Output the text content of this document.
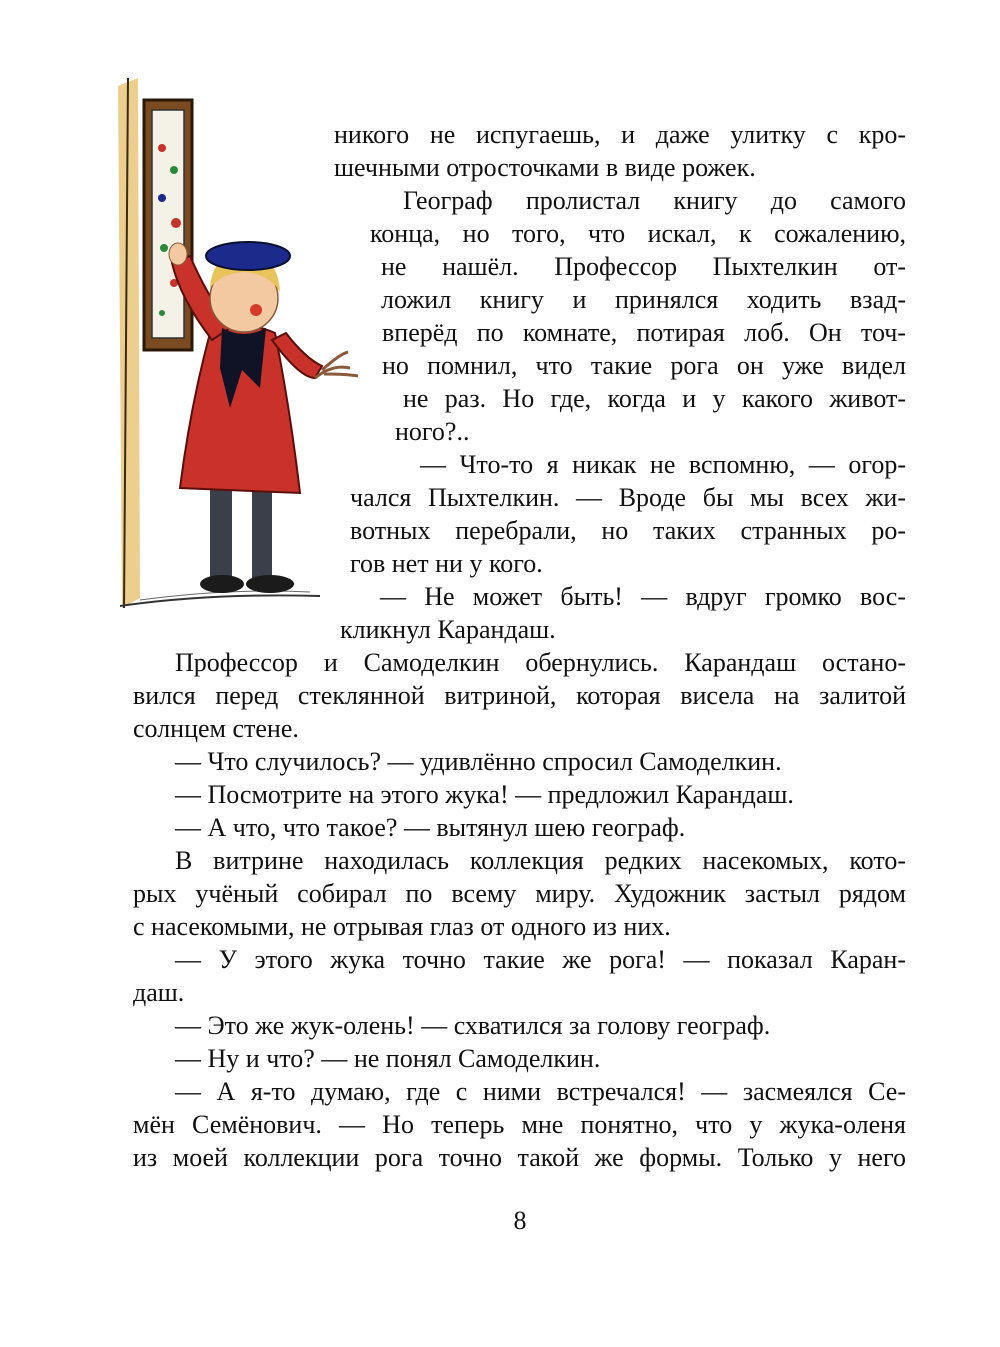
никого не испугаешь, и даже улитку с кро-
шечными отросточками в виде рожек.
Географ пролистал книгу до самого
конца, но того, что искал, к сожалению,
не нашёл. Профессор Пыхтелкин от-
ложил книгу и принялся ходить взад-
вперёд по комнате, потирая лоб. Он точ-
но помнил, что такие рога он уже видел
не раз. Но где, когда и у какого живот-
ного?..
— Что-то я никак не вспомню, — огор-
чался Пыхтелкин. — Вроде бы мы всех жи-
вотных перебрали, но таких странных ро-
гов нет ни у кого.
— Не может быть! — вдруг громко вос-
кликнул Карандаш.
Профессор и Самоделкин обернулись. Карандаш остано-
вился перед стеклянной витриной, которая висела на залитой
солнцем стене.
— Что случилось? — удивлённо спросил Самоделкин.
— Посмотрите на этого жука! — предложил Карандаш.
— А что, что такое? — вытянул шею географ.
В витрине находилась коллекция редких насекомых, кото-
рых учёный собирал по всему миру. Художник застыл рядом
с насекомыми, не отрывая глаз от одного из них.
— У этого жука точно такие же рога! — показал Каран-
даш.
— Это же жук-олень! — схватился за голову географ.
— Ну и что? — не понял Самоделкин.
— А я-то думаю, где с ними встречался! — засмеялся Се-
мён Семёнович. — Но теперь мне понятно, что у жука-оленя
из моей коллекции рога точно такой же формы. Только у него
8
